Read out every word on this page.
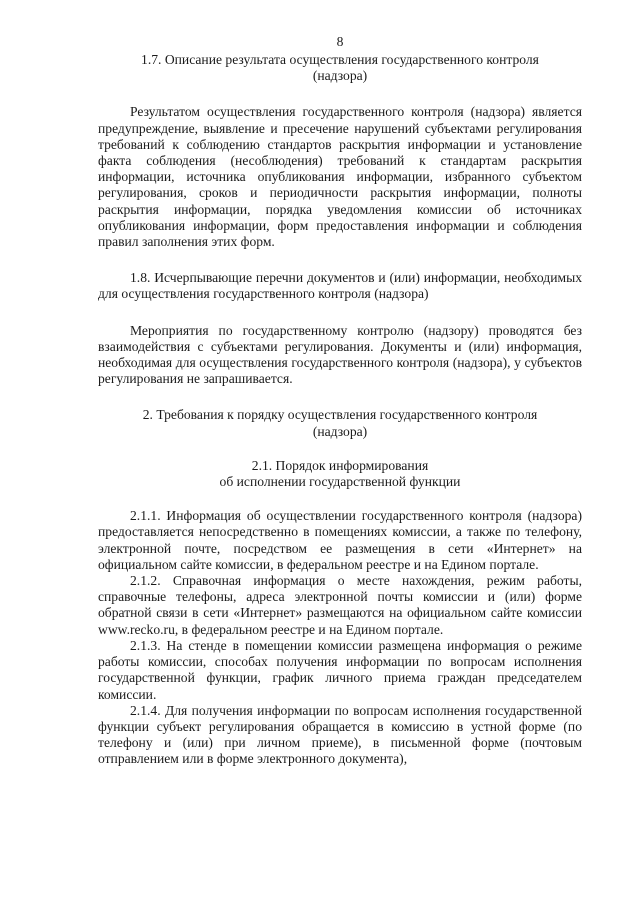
8

1.7. Описание результата осуществления государственного контроля

(надзора)

Результатом осуществления государственного контроля (надзора) является предупреждение, выявление и пресечение нарушений субъектами регулирования требований к соблюдению стандартов раскрытия информации и установление факта соблюдения (несоблюдения) требований к стандартам раскрытия информации, источника опубликования информации, избранного субъектом регулирования, сроков и периодичности раскрытия информации, полноты раскрытия информации, порядка уведомления комиссии об источниках опубликования информации, форм предоставления информации и соблюдения правил заполнения этих форм.

1.8. Исчерпывающие перечни документов и (или) информации, необходимых для осуществления государственного контроля (надзора)

Мероприятия по государственному контролю (надзору) проводятся без взаимодействия с субъектами регулирования. Документы и (или) информация, необходимая для осуществления государственного контроля (надзора), у субъектов регулирования не запрашивается.

2. Требования к порядку осуществления государственного контроля

(надзора)

2.1. Порядок информирования

об исполнении государственной функции

2.1.1. Информация об осуществлении государственного контроля (надзора) предоставляется непосредственно в помещениях комиссии, а также по телефону, электронной почте, посредством ее размещения в сети «Интернет» на официальном сайте комиссии, в федеральном реестре и на Едином портале.

2.1.2. Справочная информация о месте нахождения, режим работы, справочные телефоны, адреса электронной почты комиссии и (или) форме обратной связи в сети «Интернет» размещаются на официальном сайте комиссии www.recko.ru, в федеральном реестре и на Едином портале.

2.1.3. На стенде в помещении комиссии размещена информация о режиме работы комиссии, способах получения информации по вопросам исполнения государственной функции, график личного приема граждан председателем комиссии.

2.1.4. Для получения информации по вопросам исполнения государственной функции субъект регулирования обращается в комиссию в устной форме (по телефону и (или) при личном приеме), в письменной форме (почтовым отправлением или в форме электронного документа),
